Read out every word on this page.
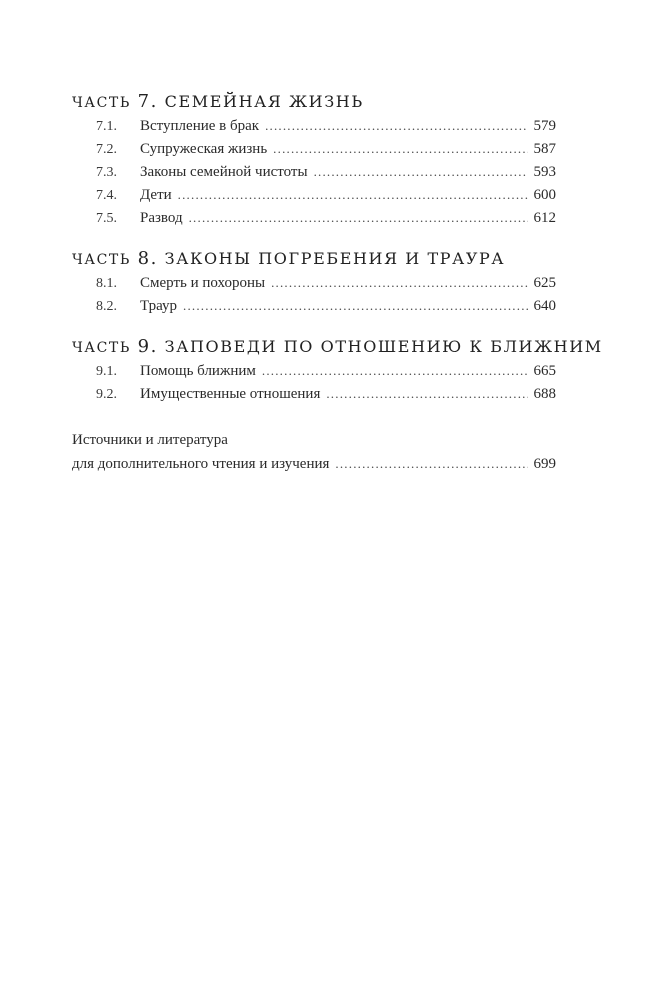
ЧАСТЬ 7. СЕМЕЙНАЯ ЖИЗНЬ
7.1.	Вступление в брак .....	579
7.2.	Супружеская жизнь .....	587
7.3.	Законы семейной чистоты .....	593
7.4.	Дети .....	600
7.5.	Развод .....	612
ЧАСТЬ 8. ЗАКОНЫ ПОГРЕБЕНИЯ И ТРАУРА
8.1.	Смерть и похороны .....	625
8.2.	Траур .....	640
ЧАСТЬ 9. ЗАПОВЕДИ ПО ОТНОШЕНИЮ К БЛИЖНИМ
9.1.	Помощь ближним .....	665
9.2.	Имущественные отношения .....	688
Источники и литература
для дополнительного чтения и изучения .....	699
